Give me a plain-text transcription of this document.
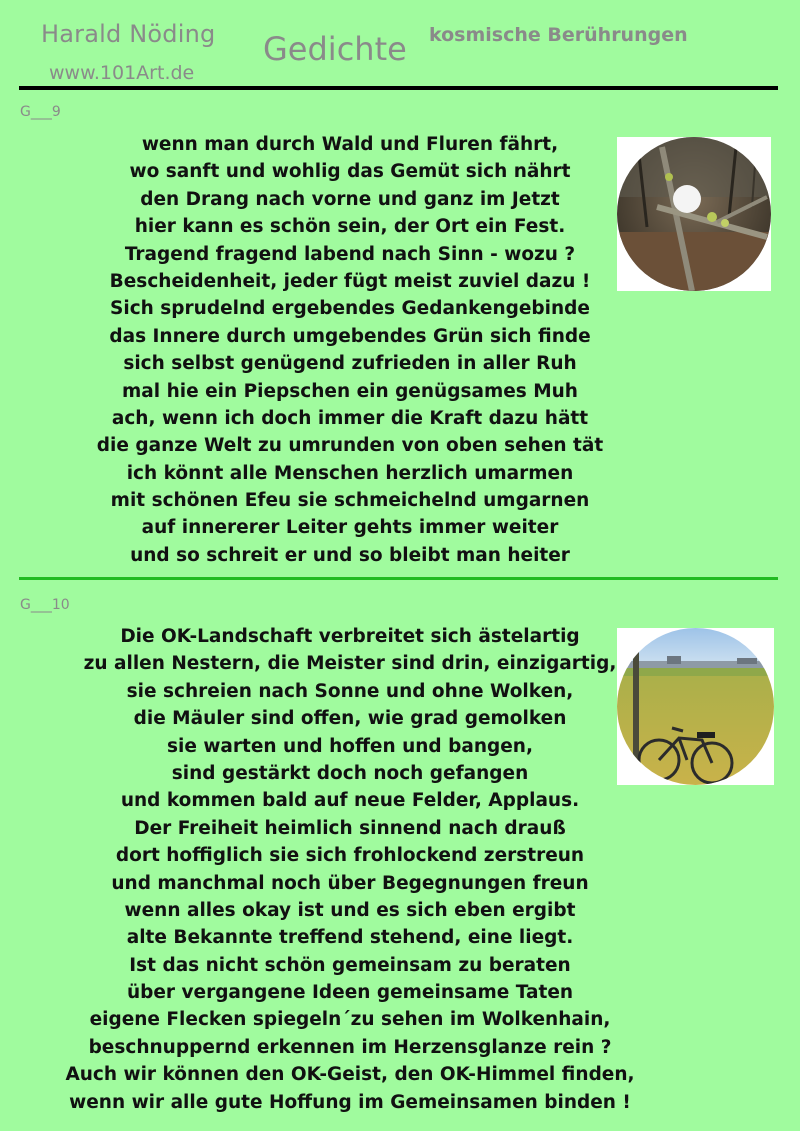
Harald Nöding
www.101Art.de
Gedichte kosmische Berührungen
G___9
wenn man durch Wald und Fluren fährt,
wo sanft und wohlig das Gemüt sich nährt
den Drang nach vorne und ganz im Jetzt
hier kann es schön sein, der Ort ein Fest.
Tragend fragend labend nach Sinn - wozu ?
Bescheidenheit, jeder fügt meist zuviel dazu !
Sich sprudelnd ergebendes Gedankengebinde
das Innere durch umgebendes Grün sich finde
sich selbst genügend zufrieden in aller Ruh
mal hie ein Piepschen ein genügsames Muh
ach, wenn ich doch immer die Kraft dazu hätt
die ganze Welt zu umrunden von oben sehen tät
ich könnt alle Menschen herzlich umarmen
mit schönen Efeu sie schmeichelnd umgarnen
auf innererer Leiter gehts immer weiter
und so schreit er und so bleibt man heiter
G___10
Die OK-Landschaft verbreitet sich ästelartig
zu allen Nestern, die Meister sind drin, einzigartig,
sie schreien nach Sonne und ohne Wolken,
die Mäuler sind offen, wie grad gemolken
sie warten und hoffen und bangen,
sind gestärkt doch noch gefangen
und kommen bald auf neue Felder, Applaus.
Der Freiheit heimlich sinnend nach drauß
dort hoffiglich sie sich frohlockend zerstreun
und manchmal noch über Begegnungen freun
wenn alles okay ist und es sich eben ergibt
alte Bekannte treffend stehend, eine liegt.
Ist das nicht schön gemeinsam zu beraten
über vergangene Ideen gemeinsame Taten
eigene Flecken spiegeln´zu sehen im Wolkenhain,
beschnuppernd erkennen im Herzensglanze rein ?
Auch wir können den OK-Geist, den OK-Himmel finden,
wenn wir alle gute Hoffung im Gemeinsamen binden !
